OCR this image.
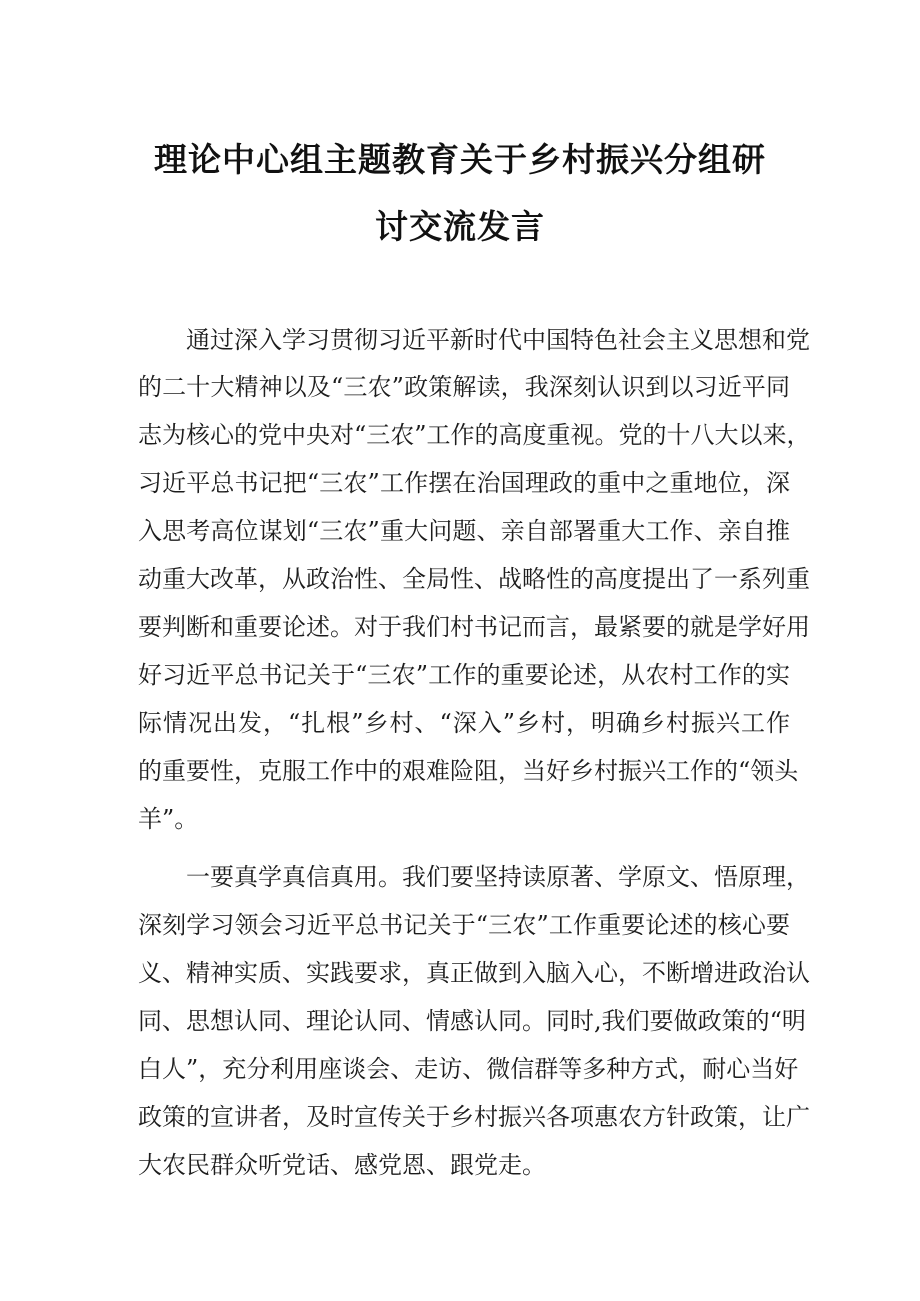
理论中心组主题教育关于乡村振兴分组研
讨交流发言
通过深入学习贯彻习近平新时代中国特色社会主义思想和党
的二十大精神以及“三农”政策解读，我深刻认识到以习近平同
志为核心的党中央对“三农”工作的高度重视。党的十八大以来，
习近平总书记把“三农”工作摆在治国理政的重中之重地位，深
入思考高位谋划“三农”重大问题、亲自部署重大工作、亲自推
动重大改革，从政治性、全局性、战略性的高度提出了一系列重
要判断和重要论述。对于我们村书记而言，最紧要的就是学好用
好习近平总书记关于“三农”工作的重要论述，从农村工作的实
际情况出发，“扎根”乡村、“深入”乡村，明确乡村振兴工作
的重要性，克服工作中的艰难险阻，当好乡村振兴工作的“领头
羊”。
一要真学真信真用。我们要坚持读原著、学原文、悟原理，
深刻学习领会习近平总书记关于“三农”工作重要论述的核心要
义、精神实质、实践要求，真正做到入脑入心，不断增进政治认
同、思想认同、理论认同、情感认同。同时,我们要做政策的“明
白人”，充分利用座谈会、走访、微信群等多种方式，耐心当好
政策的宣讲者，及时宣传关于乡村振兴各项惠农方针政策，让广
大农民群众听党话、感党恩、跟党走。
